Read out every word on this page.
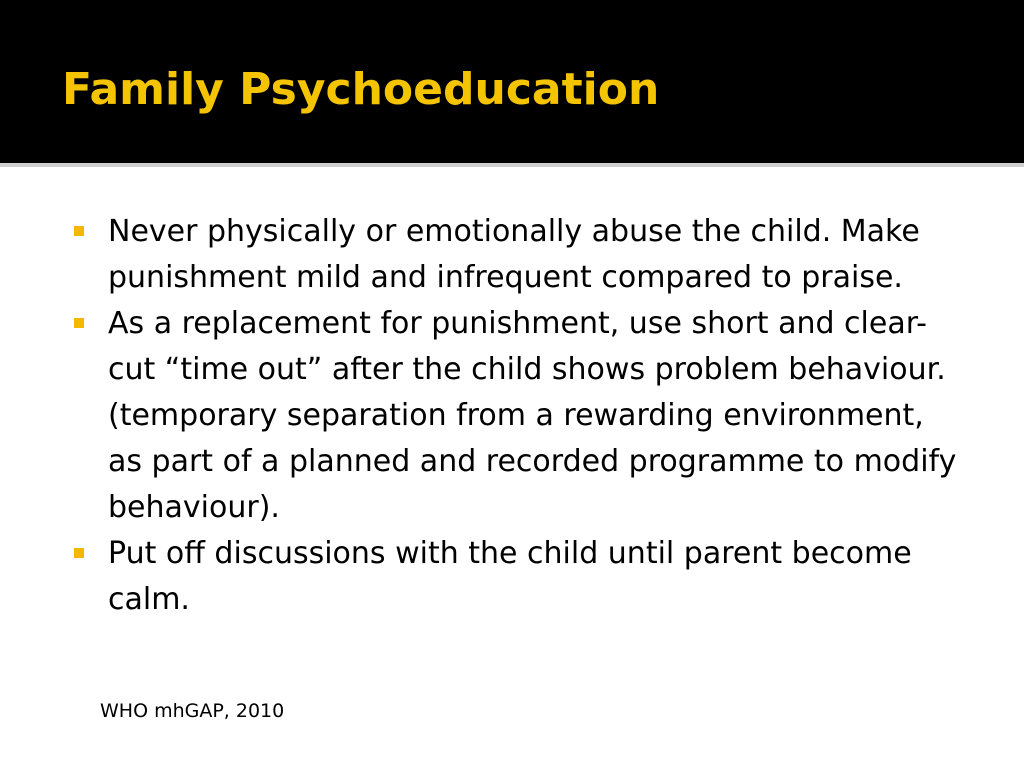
Family Psychoeducation
Never physically or emotionally abuse the child. Make punishment mild and infrequent compared to praise.
As a replacement for punishment, use short and clear-cut “time out” after the child shows problem behaviour. (temporary separation from a rewarding environment, as part of a planned and recorded programme to modify behaviour).
Put off discussions with the child until parent become calm.
WHO mhGAP, 2010
